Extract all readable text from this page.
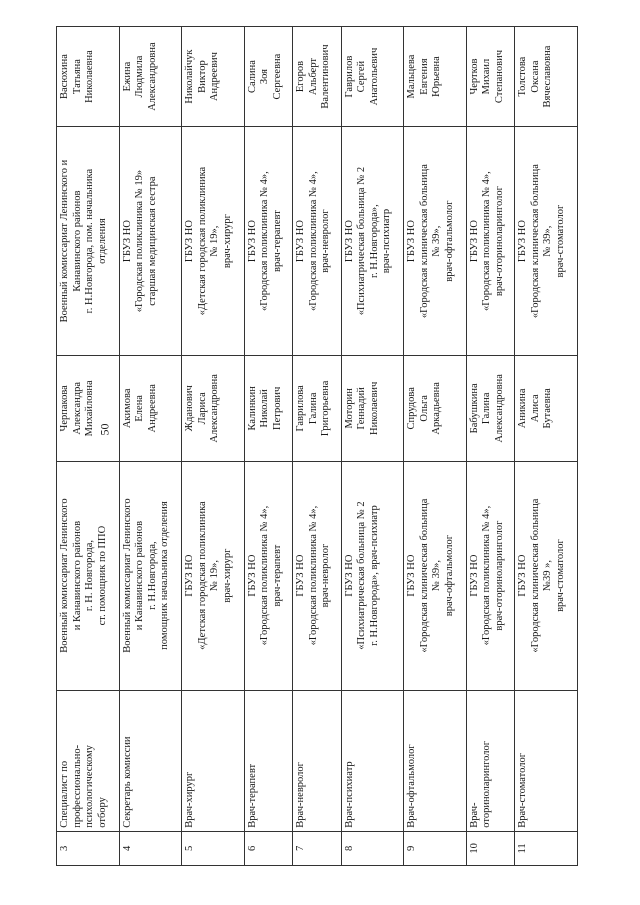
50
3	Специалист по профессионально- психологическому отбору	Военный комиссариат Ленинского и Канавинского районов г. Н. Новгорода, ст. помощник по ППО	Черпакова Александра Михайловна	Военный комиссариат Ленинского и Канавинского районов г. Н.Новгорода, пом. начальника отделения	Васюхина Татьяна Николаевна

4	Секретарь комиссии	Военный комиссариат Ленинского и Канавинского районов г. Н.Новгорода, помощник начальника отделения	Акимова Елена Андреевна	ГБУЗ НО «Городская поликлиника № 19» старшая медицинская сестра	Ежина Людмила Александровна

5	Врач-хирург	ГБУЗ НО «Детская городская поликлиника № 19», врач-хирург	Жданович Лариса Александровна	ГБУЗ НО «Детская городская поликлиника № 19», врач-хирург	Николайчук Виктор Андреевич

6	Врач-терапевт	ГБУЗ НО «Городская поликлиника № 4», врач-терапевт	Калинкин Николай Петрович	ГБУЗ НО «Городская поликлиника № 4», врач-терапевт	Салина Зоя Сергеевна

7	Врач-невролог	ГБУЗ НО «Городская поликлиника № 4», врач-невролог	Гаврилова Галина Григорьевна	ГБУЗ НО «Городская поликлиника № 4», врач-невролог	Егоров Альберт Валентинович

8	Врач-психиатр	ГБУЗ НО «Психиатрическая больница № 2 г. Н.Новгорода», врач-психиатр	Моторин Геннадий Николаевич	ГБУЗ НО «Психиатрическая больница № 2 г. Н.Новгорода», врач-психиатр	Гаврилов Сергей Анатольевич

9	Врач-офтальмолог	ГБУЗ НО «Городская клиническая больница № 39», врач-офтальмолог	Спрудова Ольга Аркадьевна	ГБУЗ НО «Городская клиническая больница № 39», врач-офтальмолог	Мальцева Евгения Юрьевна

10	Врач- оториноларинголог	ГБУЗ НО «Городская поликлиника № 4», врач-оториноларинголог	Бабушкина Галина Александровна	ГБУЗ НО «Городская поликлиника № 4», врач-оториноларинголог	Чертков Михаил Степанович

11	Врач-стоматолог	ГБУЗ НО «Городская клиническая больница №39 », врач-стоматолог	Аникина Алиса Бутаевна	ГБУЗ НО «Городская клиническая больница № 39», врач-стоматолог	Толстова Оксана Вячеславовна
